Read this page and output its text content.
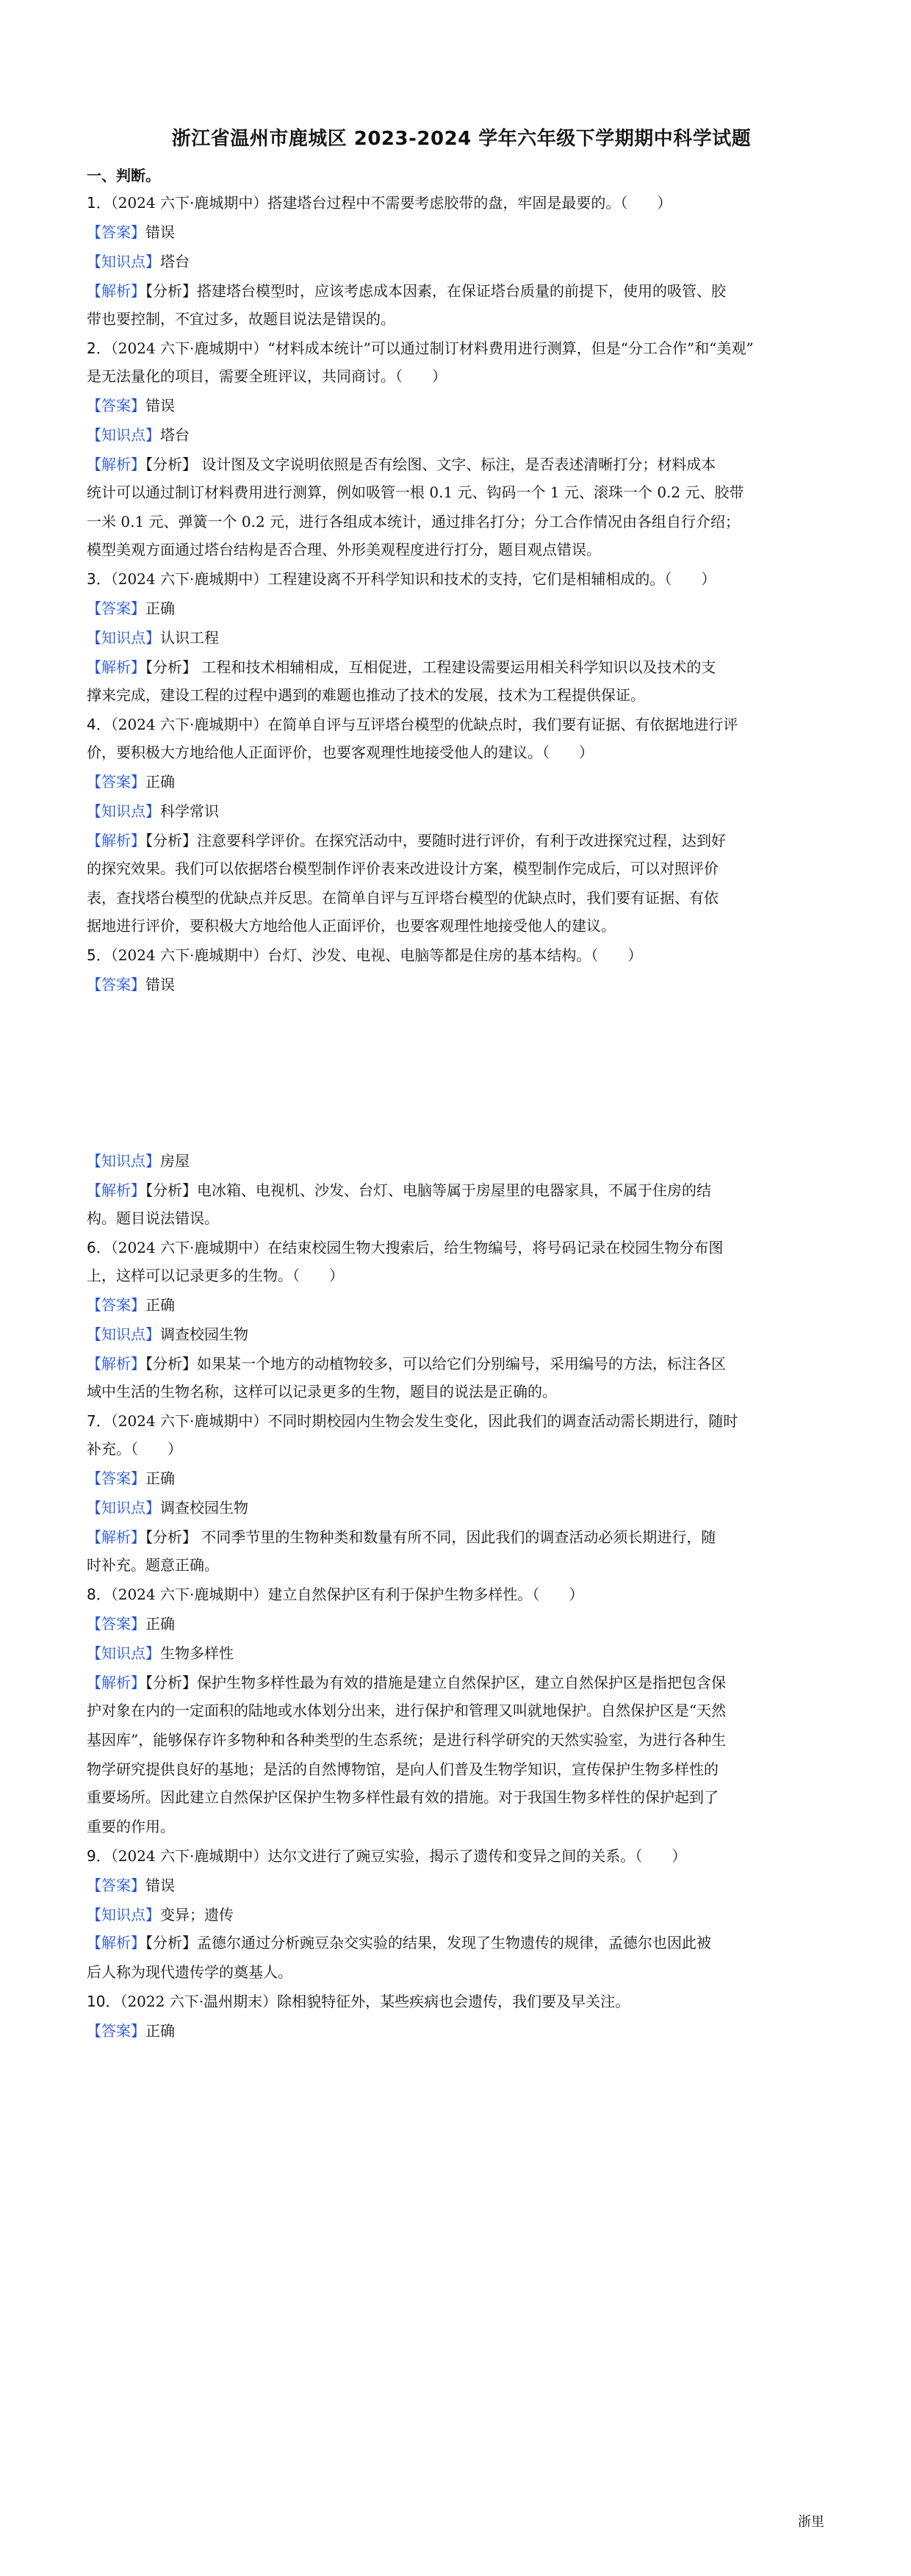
浙江省温州市鹿城区 2023-2024 学年六年级下学期期中科学试题
一、判断。
1．（2024 六下·鹿城期中）搭建塔台过程中不需要考虑胶带的盘，牢固是最要的。（　　）
【答案】错误
【知识点】塔台
【解析】【分析】搭建塔台模型时，应该考虑成本因素，在保证塔台质量的前提下，使用的吸管、胶
带也要控制，不宜过多，故题目说法是错误的。
2．（2024 六下·鹿城期中）“材料成本统计”可以通过制订材料费用进行测算，但是“分工合作”和“美观”
是无法量化的项目，需要全班评议，共同商讨。（　　）
【答案】错误
【知识点】塔台
【解析】【分析】 设计图及文字说明依照是否有绘图、文字、标注，是否表述清晰打分；材料成本
统计可以通过制订材料费用进行测算，例如吸管一根 0.1 元、钩码一个 1 元、滚珠一个 0.2 元、胶带
一米 0.1 元、弹簧一个 0.2 元，进行各组成本统计，通过排名打分；分工合作情况由各组自行介绍；
模型美观方面通过塔台结构是否合理、外形美观程度进行打分，题目观点错误。
3．（2024 六下·鹿城期中）工程建设离不开科学知识和技术的支持，它们是相辅相成的。（　　）
【答案】正确
【知识点】认识工程
【解析】【分析】 工程和技术相辅相成，互相促进，工程建设需要运用相关科学知识以及技术的支
撑来完成，建设工程的过程中遇到的难题也推动了技术的发展，技术为工程提供保证。
4．（2024 六下·鹿城期中）在简单自评与互评塔台模型的优缺点时，我们要有证据、有依据地进行评
价，要积极大方地给他人正面评价，也要客观理性地接受他人的建议。（　　）
【答案】正确
【知识点】科学常识
【解析】【分析】注意要科学评价。在探究活动中，要随时进行评价，有利于改进探究过程，达到好
的探究效果。我们可以依据塔台模型制作评价表来改进设计方案，模型制作完成后，可以对照评价
表，查找塔台模型的优缺点并反思。在简单自评与互评塔台模型的优缺点时，我们要有证据、有依
据地进行评价，要积极大方地给他人正面评价，也要客观理性地接受他人的建议。
5．（2024 六下·鹿城期中）台灯、沙发、电视、电脑等都是住房的基本结构。（　　）
【答案】错误
【知识点】房屋
【解析】【分析】电冰箱、电视机、沙发、台灯、电脑等属于房屋里的电器家具，不属于住房的结
构。题目说法错误。
6．（2024 六下·鹿城期中）在结束校园生物大搜索后，给生物编号，将号码记录在校园生物分布图
上，这样可以记录更多的生物。（　　）
【答案】正确
【知识点】调查校园生物
【解析】【分析】如果某一个地方的动植物较多，可以给它们分别编号，采用编号的方法，标注各区
域中生活的生物名称，这样可以记录更多的生物，题目的说法是正确的。
7．（2024 六下·鹿城期中）不同时期校园内生物会发生变化，因此我们的调查活动需长期进行，随时
补充。（　　）
【答案】正确
【知识点】调查校园生物
【解析】【分析】 不同季节里的生物种类和数量有所不同，因此我们的调查活动必须长期进行，随
时补充。题意正确。
8．（2024 六下·鹿城期中）建立自然保护区有利于保护生物多样性。（　　）
【答案】正确
【知识点】生物多样性
【解析】【分析】保护生物多样性最为有效的措施是建立自然保护区，建立自然保护区是指把包含保
护对象在内的一定面积的陆地或水体划分出来，进行保护和管理又叫就地保护。自然保护区是“天然
基因库”，能够保存许多物种和各种类型的生态系统；是进行科学研究的天然实验室，为进行各种生
物学研究提供良好的基地；是活的自然博物馆，是向人们普及生物学知识，宣传保护生物多样性的
重要场所。因此建立自然保护区保护生物多样性最有效的措施。对于我国生物多样性的保护起到了
重要的作用。
9．（2024 六下·鹿城期中）达尔文进行了豌豆实验，揭示了遗传和变异之间的关系。（　　）
【答案】错误
【知识点】变异；遗传
【解析】【分析】孟德尔通过分析豌豆杂交实验的结果，发现了生物遗传的规律，孟德尔也因此被
后人称为现代遗传学的奠基人。
10．（2022 六下·温州期末）除相貌特征外，某些疾病也会遗传，我们要及早关注。
【答案】正确
浙里
